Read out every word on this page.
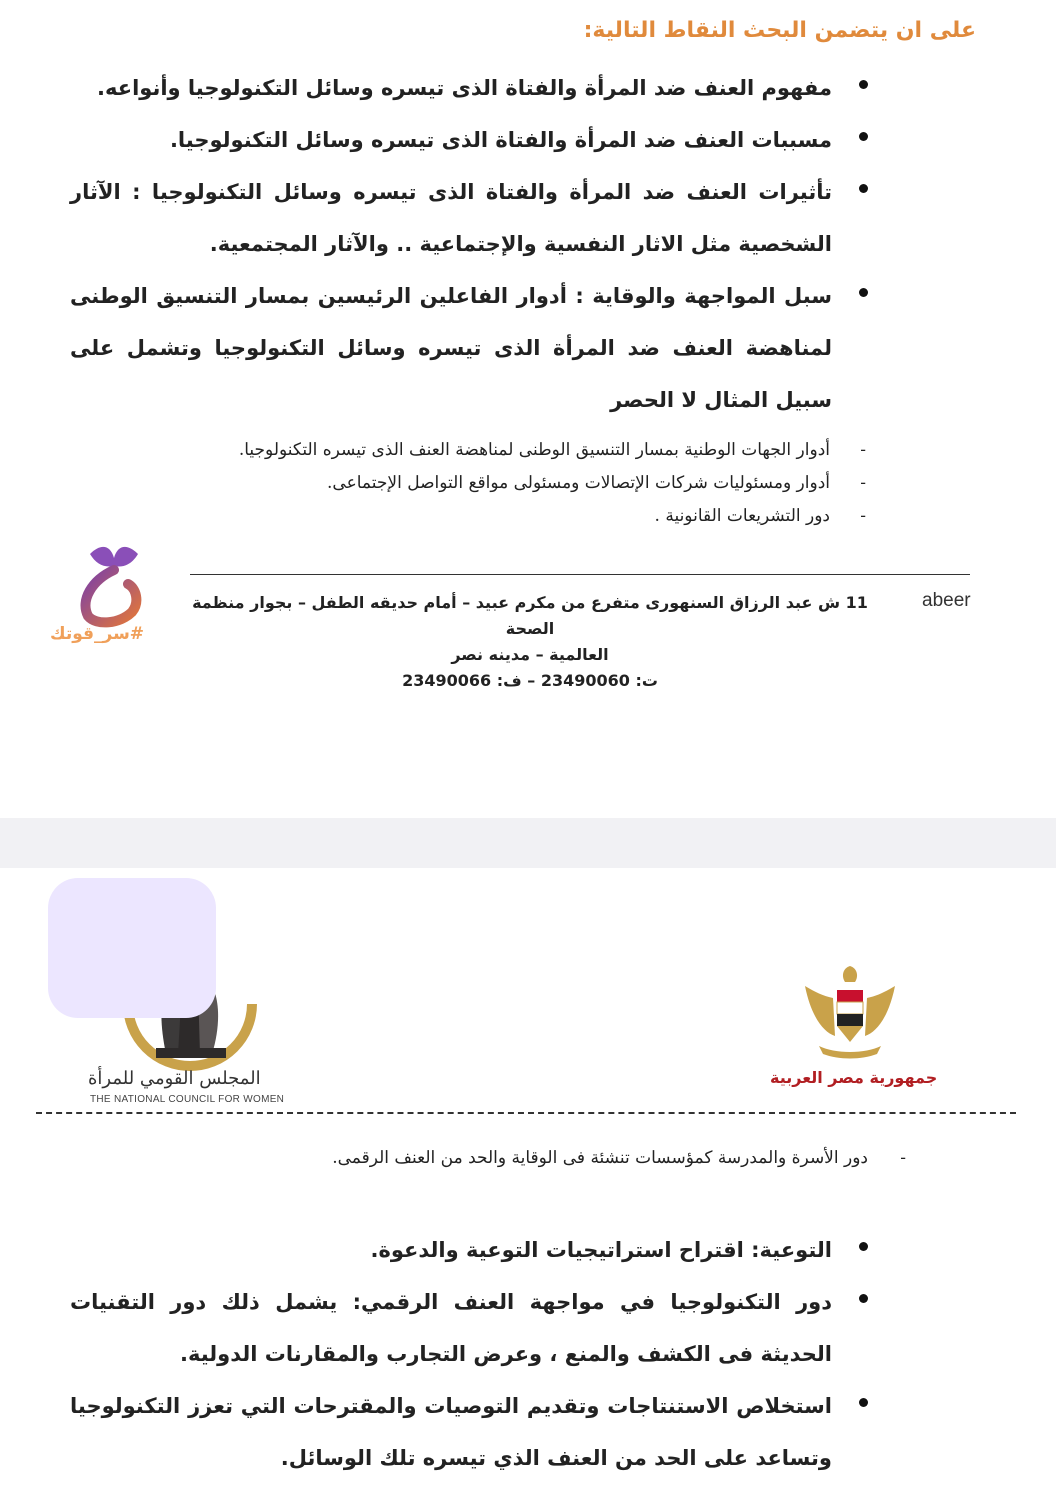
على ان يتضمن البحث النقاط التالية:
مفهوم العنف ضد المرأة والفتاة الذى تيسره وسائل التكنولوجيا وأنواعه.
مسببات العنف ضد المرأة والفتاة الذى تيسره وسائل التكنولوجيا.
تأثيرات العنف ضد المرأة والفتاة الذى تيسره وسائل التكنولوجيا : الآثار الشخصية مثل الاثار النفسية والإجتماعية .. والآثار المجتمعية.
سبل المواجهة والوقاية : أدوار الفاعلين الرئيسين بمسار التنسيق الوطنى لمناهضة العنف ضد المرأة الذى تيسره وسائل التكنولوجيا وتشمل على سبيل المثال لا الحصر
-
أدوار الجهات الوطنية بمسار التنسيق الوطنى لمناهضة العنف الذى تيسره التكنولوجيا.
-
أدوار ومسئوليات شركات الإتصالات ومسئولى مواقع التواصل الإجتماعى.
-
دور التشريعات القانونية .
#سر_قوتك
abeer
11 ش عبد الرزاق السنهورى متفرع من مكرم عبيد – أمام حديقه الطفل – بجوار منظمة الصحة
العالمية – مدينه نصر
ت: 23490060 – ف: 23490066
المجلس القومي للمرأة
THE NATIONAL COUNCIL FOR WOMEN
جمهورية مصر العربية
-
دور الأسرة والمدرسة كمؤسسات تنشئة فى الوقاية والحد من العنف الرقمى.
التوعية: اقتراح استراتيجيات التوعية والدعوة.
دور التكنولوجيا في مواجهة العنف الرقمي: يشمل ذلك دور التقنيات الحديثة فى الكشف والمنع ، وعرض التجارب والمقارنات الدولية.
استخلاص الاستنتاجات وتقديم التوصيات والمقترحات التي تعزز التكنولوجيا وتساعد على الحد من العنف الذي تيسره تلك الوسائل.
